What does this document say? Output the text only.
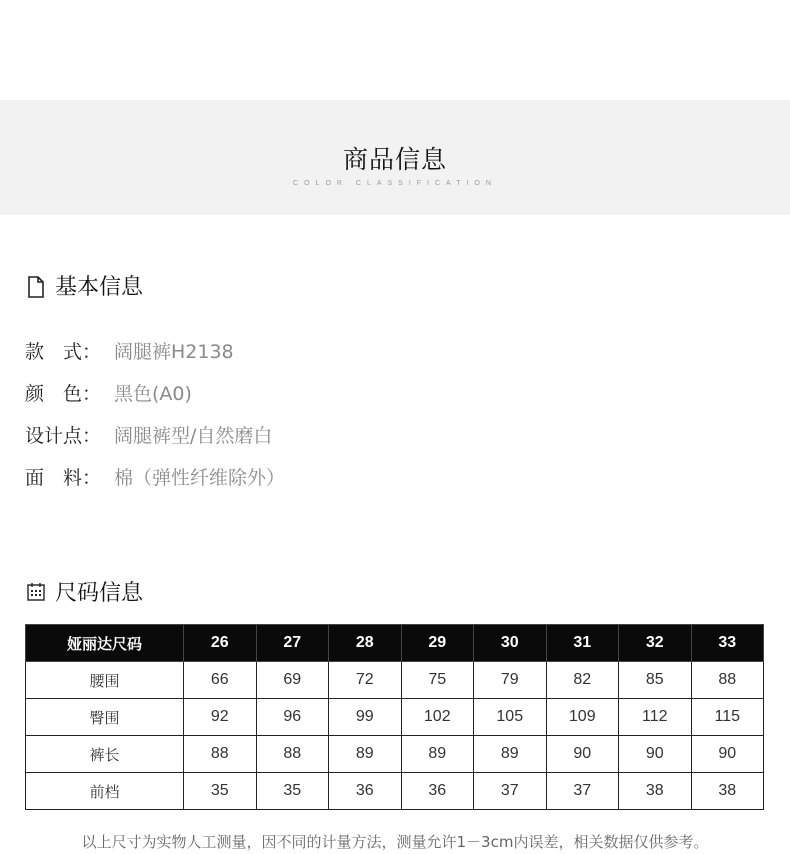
商品信息
COLOR CLASSIFICATION
基本信息
款　式： 阔腿裤H2138
颜　色： 黑色(A0)
设计点： 阔腿裤型/自然磨白
面　料： 棉（弹性纤维除外）
尺码信息
娅丽达尺码	26	27	28	29	30	31	32	33
腰围	66	69	72	75	79	82	85	88
臀围	92	96	99	102	105	109	112	115
裤长	88	88	89	89	89	90	90	90
前档	35	35	36	36	37	37	38	38
以上尺寸为实物人工测量，因不同的计量方法，测量允许1－3cm内误差，相关数据仅供参考。
